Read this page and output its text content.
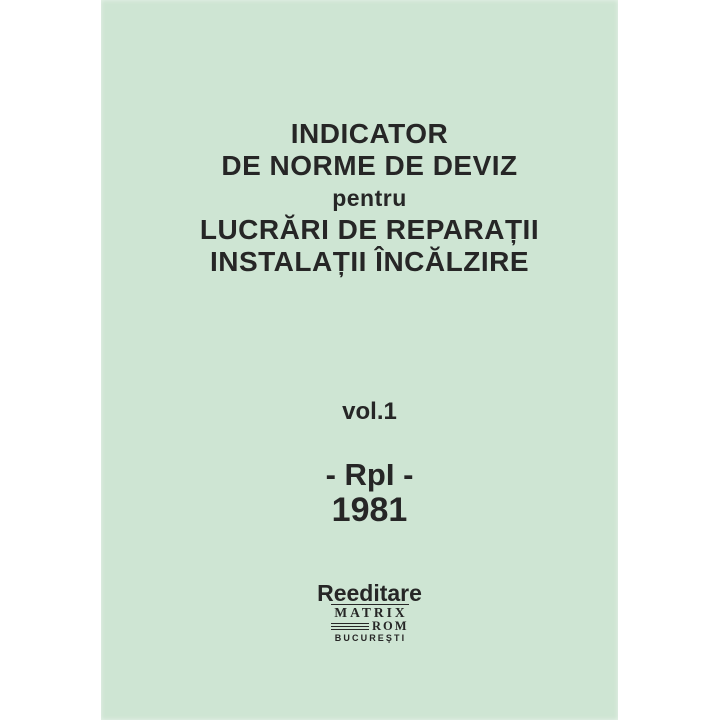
INDICATOR
DE NORME DE DEVIZ
pentru
LUCRĂRI DE REPARAȚII
INSTALAȚII ÎNCĂLZIRE
vol.1
- RpI -
1981
Reeditare
MATRIX
ROM
BUCUREŞTI
